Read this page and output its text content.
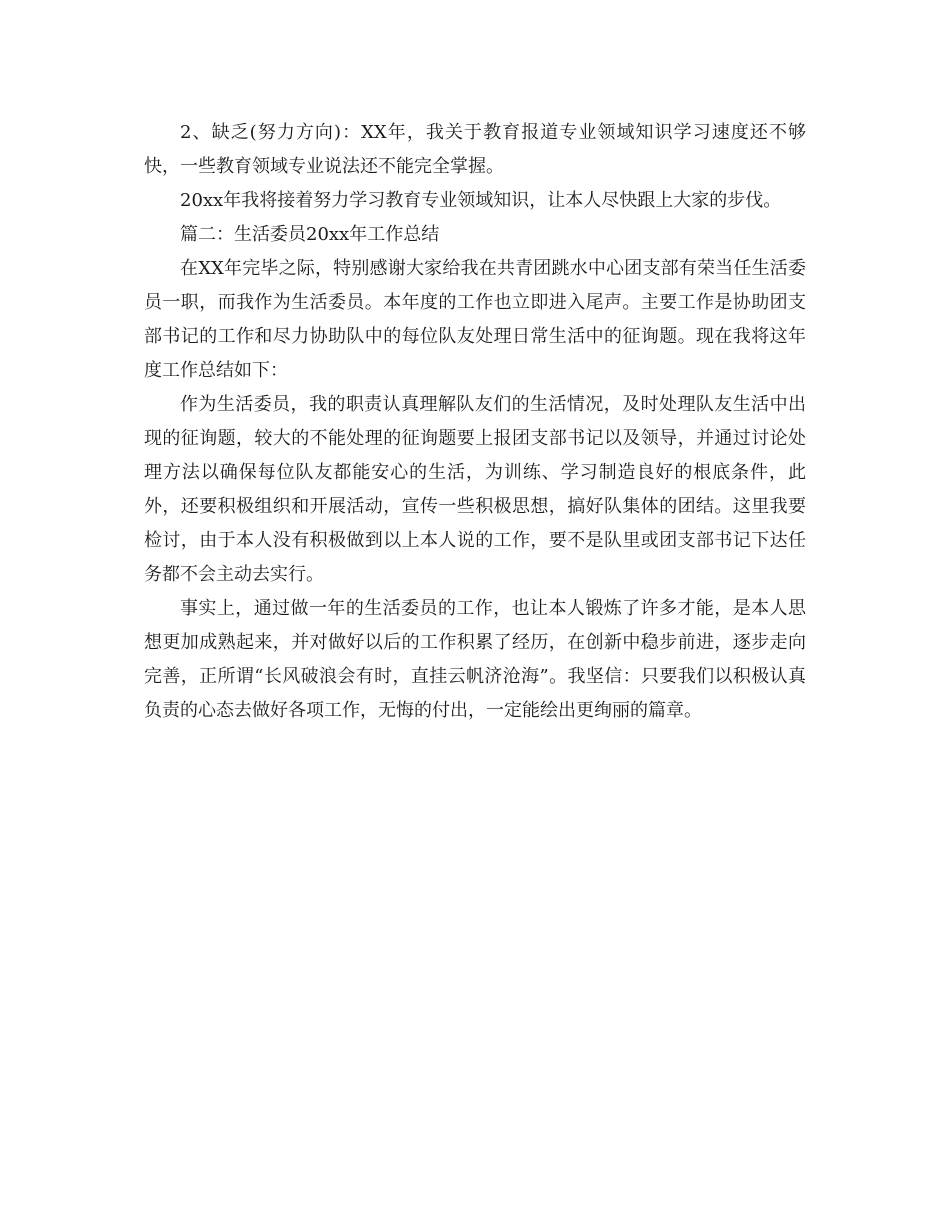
2、缺乏(努力方向)：XX年，我关于教育报道专业领域知识学习速度还不够快，一些教育领域专业说法还不能完全掌握。

20xx年我将接着努力学习教育专业领域知识，让本人尽快跟上大家的步伐。

篇二：生活委员20xx年工作总结

在XX年完毕之际，特别感谢大家给我在共青团跳水中心团支部有荣当任生活委员一职，而我作为生活委员。本年度的工作也立即进入尾声。主要工作是协助团支部书记的工作和尽力协助队中的每位队友处理日常生活中的征询题。现在我将这年度工作总结如下：

作为生活委员，我的职责认真理解队友们的生活情况，及时处理队友生活中出现的征询题，较大的不能处理的征询题要上报团支部书记以及领导，并通过讨论处理方法以确保每位队友都能安心的生活，为训练、学习制造良好的根底条件，此外，还要积极组织和开展活动，宣传一些积极思想，搞好队集体的团结。这里我要检讨，由于本人没有积极做到以上本人说的工作，要不是队里或团支部书记下达任务都不会主动去实行。

事实上，通过做一年的生活委员的工作，也让本人锻炼了许多才能，是本人思想更加成熟起来，并对做好以后的工作积累了经历，在创新中稳步前进，逐步走向完善，正所谓“长风破浪会有时，直挂云帆济沧海”。我坚信：只要我们以积极认真负责的心态去做好各项工作，无悔的付出，一定能绘出更绚丽的篇章。
